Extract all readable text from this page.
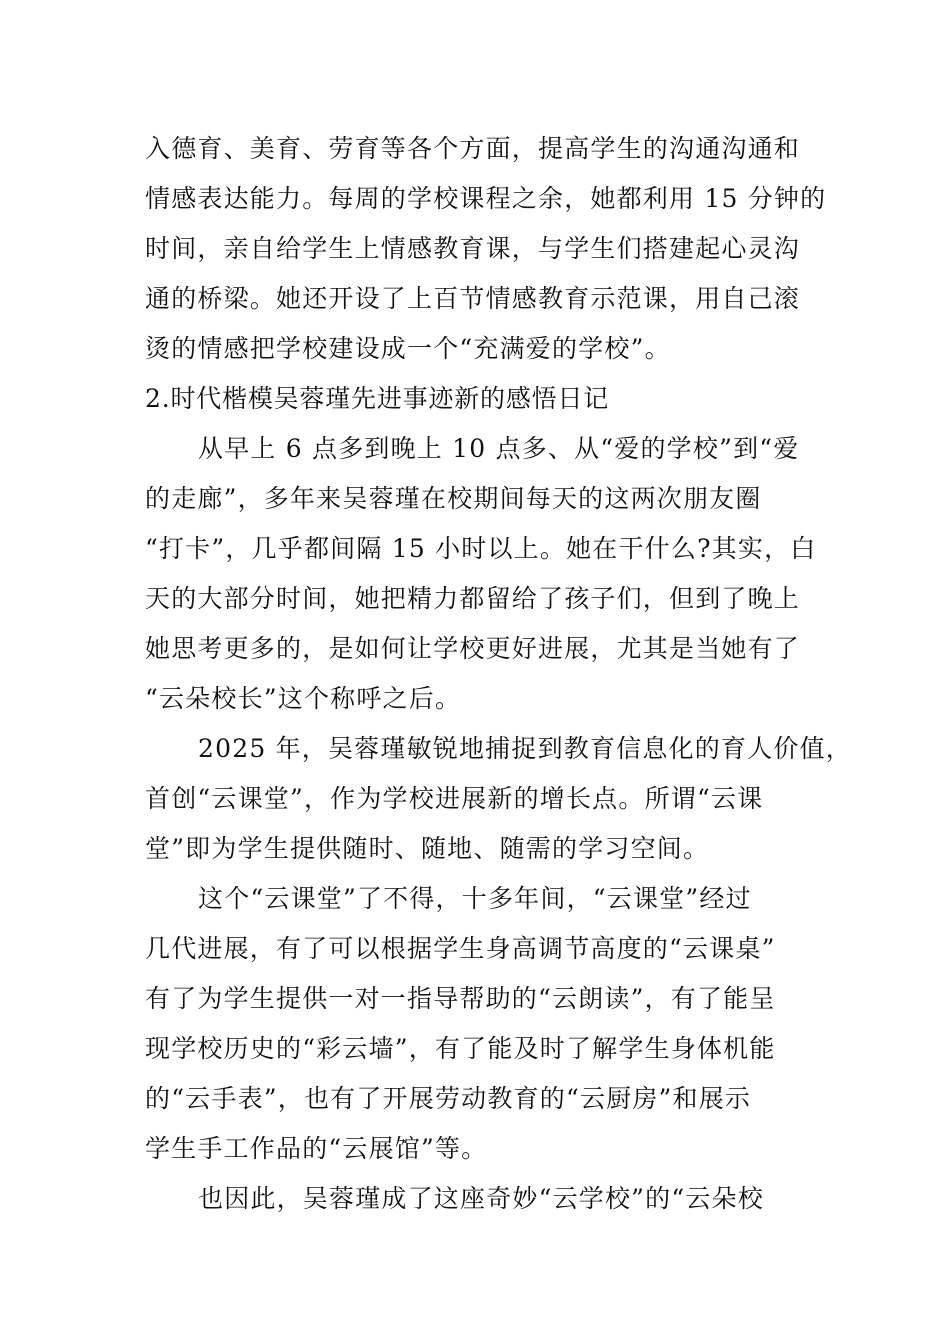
入德育、美育、劳育等各个方面，提高学生的沟通沟通和
情感表达能力。每周的学校课程之余，她都利用 15 分钟的
时间，亲自给学生上情感教育课，与学生们搭建起心灵沟
通的桥梁。她还开设了上百节情感教育示范课，用自己滚
烫的情感把学校建设成一个“充满爱的学校”。
2.时代楷模吴蓉瑾先进事迹新的感悟日记
从早上 6 点多到晚上 10 点多、从“爱的学校”到“爱
的走廊”，多年来吴蓉瑾在校期间每天的这两次朋友圈
“打卡”，几乎都间隔 15 小时以上。她在干什么?其实，白
天的大部分时间，她把精力都留给了孩子们，但到了晚上
她思考更多的，是如何让学校更好进展，尤其是当她有了
“云朵校长”这个称呼之后。
2025 年，吴蓉瑾敏锐地捕捉到教育信息化的育人价值，
首创“云课堂”，作为学校进展新的增长点。所谓“云课
堂”即为学生提供随时、随地、随需的学习空间。
这个“云课堂”了不得，十多年间，“云课堂”经过
几代进展，有了可以根据学生身高调节高度的“云课桌”
有了为学生提供一对一指导帮助的“云朗读”，有了能呈
现学校历史的“彩云墙”，有了能及时了解学生身体机能
的“云手表”，也有了开展劳动教育的“云厨房”和展示
学生手工作品的“云展馆”等。
也因此，吴蓉瑾成了这座奇妙“云学校”的“云朵校
